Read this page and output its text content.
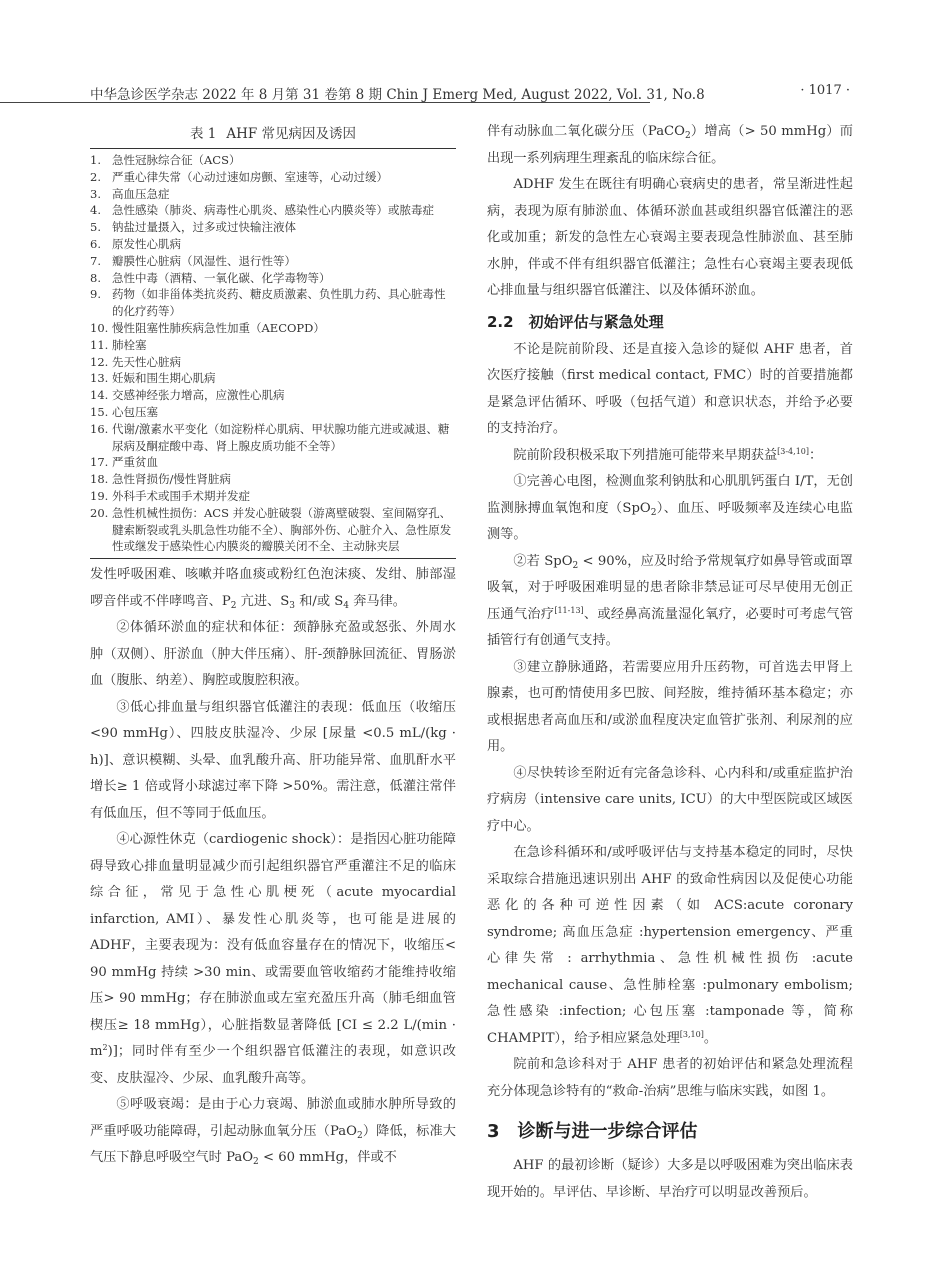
中华急诊医学杂志 2022 年 8 月第 31 卷第 8 期 Chin J Emerg Med, August 2022, Vol. 31, No.8	· 1017 ·
表 1 AHF 常见病因及诱因
1. 急性冠脉综合征（ACS）
2. 严重心律失常（心动过速如房颤、室速等，心动过缓）
3. 高血压急症
4. 急性感染（肺炎、病毒性心肌炎、感染性心内膜炎等）或脓毒症
5. 钠盐过量摄入，过多或过快输注液体
6. 原发性心肌病
7. 瓣膜性心脏病（风湿性、退行性等）
8. 急性中毒（酒精、一氧化碳、化学毒物等）
9. 药物（如非甾体类抗炎药、糖皮质激素、负性肌力药、具心脏毒性的化疗药等）
10. 慢性阻塞性肺疾病急性加重（AECOPD）
11. 肺栓塞
12. 先天性心脏病
13. 妊娠和围生期心肌病
14. 交感神经张力增高，应激性心肌病
15. 心包压塞
16. 代谢/激素水平变化（如淀粉样心肌病、甲状腺功能亢进或减退、糖尿病及酮症酸中毒、肾上腺皮质功能不全等）
17. 严重贫血
18. 急性肾损伤/慢性肾脏病
19. 外科手术或围手术期并发症
20. 急性机械性损伤：ACS 并发心脏破裂（游离壁破裂、室间隔穿孔、腱索断裂或乳头肌急性功能不全）、胸部外伤、心脏介入、急性原发性或继发于感染性心内膜炎的瓣膜关闭不全、主动脉夹层

发性呼吸困难、咳嗽并咯血痰或粉红色泡沫痰、发绀、肺部湿啰音伴或不伴哮鸣音、$P_2$ 亢进、$S_3$ 和/或 $S_4$ 奔马律。

②体循环淤血的症状和体征：颈静脉充盈或怒张、外周水肿（双侧）、肝淤血（肿大伴压痛）、肝-颈静脉回流征、胃肠淤血（腹胀、纳差）、胸腔或腹腔积液。

③低心排血量与组织器官低灌注的表现：低血压（收缩压 <90 mmHg）、四肢皮肤湿冷、少尿 [尿量 <0.5 mL/(kg · h)]、意识模糊、头晕、血乳酸升高、肝功能异常、血肌酐水平增长≥ 1 倍或肾小球滤过率下降 >50%。需注意，低灌注常伴有低血压，但不等同于低血压。

④心源性休克（cardiogenic shock）：是指因心脏功能障碍导致心排血量明显减少而引起组织器官严重灌注不足的临床综合征，常见于急性心肌梗死（acute myocardial infarction, AMI）、暴发性心肌炎等，也可能是进展的 ADHF，主要表现为：没有低血容量存在的情况下，收缩压< 90 mmHg 持续 >30 min、或需要血管收缩药才能维持收缩压> 90 mmHg；存在肺淤血或左室充盈压升高（肺毛细血管楔压≥ 18 mmHg），心脏指数显著降低 [CI ≤ 2.2 $L/(\min \cdot m^2)$]；同时伴有至少一个组织器官低灌注的表现，如意识改变、皮肤湿冷、少尿、血乳酸升高等。

⑤呼吸衰竭：是由于心力衰竭、肺淤血或肺水肿所导致的严重呼吸功能障碍，引起动脉血氧分压（PaO$_2$）降低，标准大气压下静息呼吸空气时 PaO$_2$ < 60 mmHg，伴或不

伴有动脉血二氧化碳分压（PaCO$_2$）增高（> 50 mmHg）而出现一系列病理生理紊乱的临床综合征。

ADHF 发生在既往有明确心衰病史的患者，常呈渐进性起病，表现为原有肺淤血、体循环淤血甚或组织器官低灌注的恶化或加重；新发的急性左心衰竭主要表现急性肺淤血、甚至肺水肿，伴或不伴有组织器官低灌注；急性右心衰竭主要表现低心排血量与组织器官低灌注、以及体循环淤血。

2.2　初始评估与紧急处理

不论是院前阶段、还是直接入急诊的疑似 AHF 患者，首次医疗接触（first medical contact, FMC）时的首要措施都是紧急评估循环、呼吸（包括气道）和意识状态，并给予必要的支持治疗。

院前阶段积极采取下列措施可能带来早期获益[3-4,10]：

①完善心电图，检测血浆利钠肽和心肌肌钙蛋白 I/T，无创监测脉搏血氧饱和度（SpO$_2$）、血压、呼吸频率及连续心电监测等。

②若 SpO$_2$ < 90%，应及时给予常规氧疗如鼻导管或面罩吸氧，对于呼吸困难明显的患者除非禁忌证可尽早使用无创正压通气治疗[11-13]、或经鼻高流量湿化氧疗，必要时可考虑气管插管行有创通气支持。

③建立静脉通路，若需要应用升压药物，可首选去甲肾上腺素，也可酌情使用多巴胺、间羟胺，维持循环基本稳定；亦或根据患者高血压和/或淤血程度决定血管扩张剂、利尿剂的应用。

④尽快转诊至附近有完备急诊科、心内科和/或重症监护治疗病房（intensive care units, ICU）的大中型医院或区域医疗中心。

在急诊科循环和/或呼吸评估与支持基本稳定的同时，尽快采取综合措施迅速识别出 AHF 的致命性病因以及促使心功能恶化的各种可逆性因素（如 ACS:acute coronary syndrome; 高血压急症 :hypertension emergency、严重心律失常 : arrhythmia、急性机械性损伤 :acute mechanical cause、急性肺栓塞 :pulmonary embolism; 急性感染 :infection; 心包压塞 :tamponade 等，简称 CHAMPIT），给予相应紧急处理[3,10]。

院前和急诊科对于 AHF 患者的初始评估和紧急处理流程充分体现急诊特有的“救命-治病”思维与临床实践，如图 1。

3　诊断与进一步综合评估

AHF 的最初诊断（疑诊）大多是以呼吸困难为突出临床表现开始的。早评估、早诊断、早治疗可以明显改善预后。
